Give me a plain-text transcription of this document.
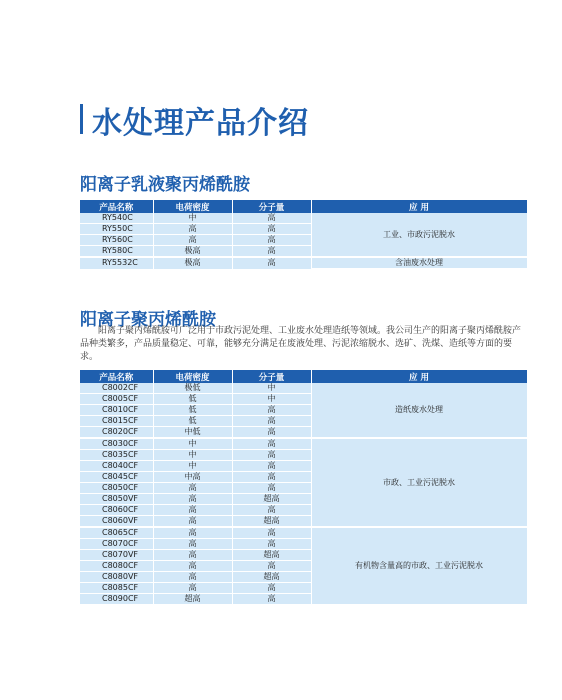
水处理产品介绍
阳离子乳液聚丙烯酰胺
产品名称	电荷密度	分子量	应 用
RY540C	中	高	工业、市政污泥脱水
RY550C	高	高	
RY560C	高	高	
RY580C	极高	高	
RY5532C	极高	高	含油废水处理
阳离子聚丙烯酰胺
阳离子聚丙烯酰胺可广泛用于市政污泥处理、工业废水处理造纸等领域。我公司生产的阳离子聚丙烯酰胺产品种类繁多，产品质量稳定、可靠，能够充分满足在废液处理、污泥浓缩脱水、选矿、洗煤、造纸等方面的要求。
产品名称	电荷密度	分子量	应 用
C8002CF	极低	中	造纸废水处理
C8005CF	低	中	
C8010CF	低	高	
C8015CF	低	高	
C8020CF	中低	高	
C8030CF	中	高	市政、工业污泥脱水
C8035CF	中	高	
C8040CF	中	高	
C8045CF	中高	高	
C8050CF	高	高	
C8050VF	高	超高	
C8060CF	高	高	
C8060VF	高	超高	
C8065CF	高	高	有机物含量高的市政、工业污泥脱水
C8070CF	高	高	
C8070VF	高	超高	
C8080CF	高	高	
C8080VF	高	超高	
C8085CF	高	高	
C8090CF	超高	高	
